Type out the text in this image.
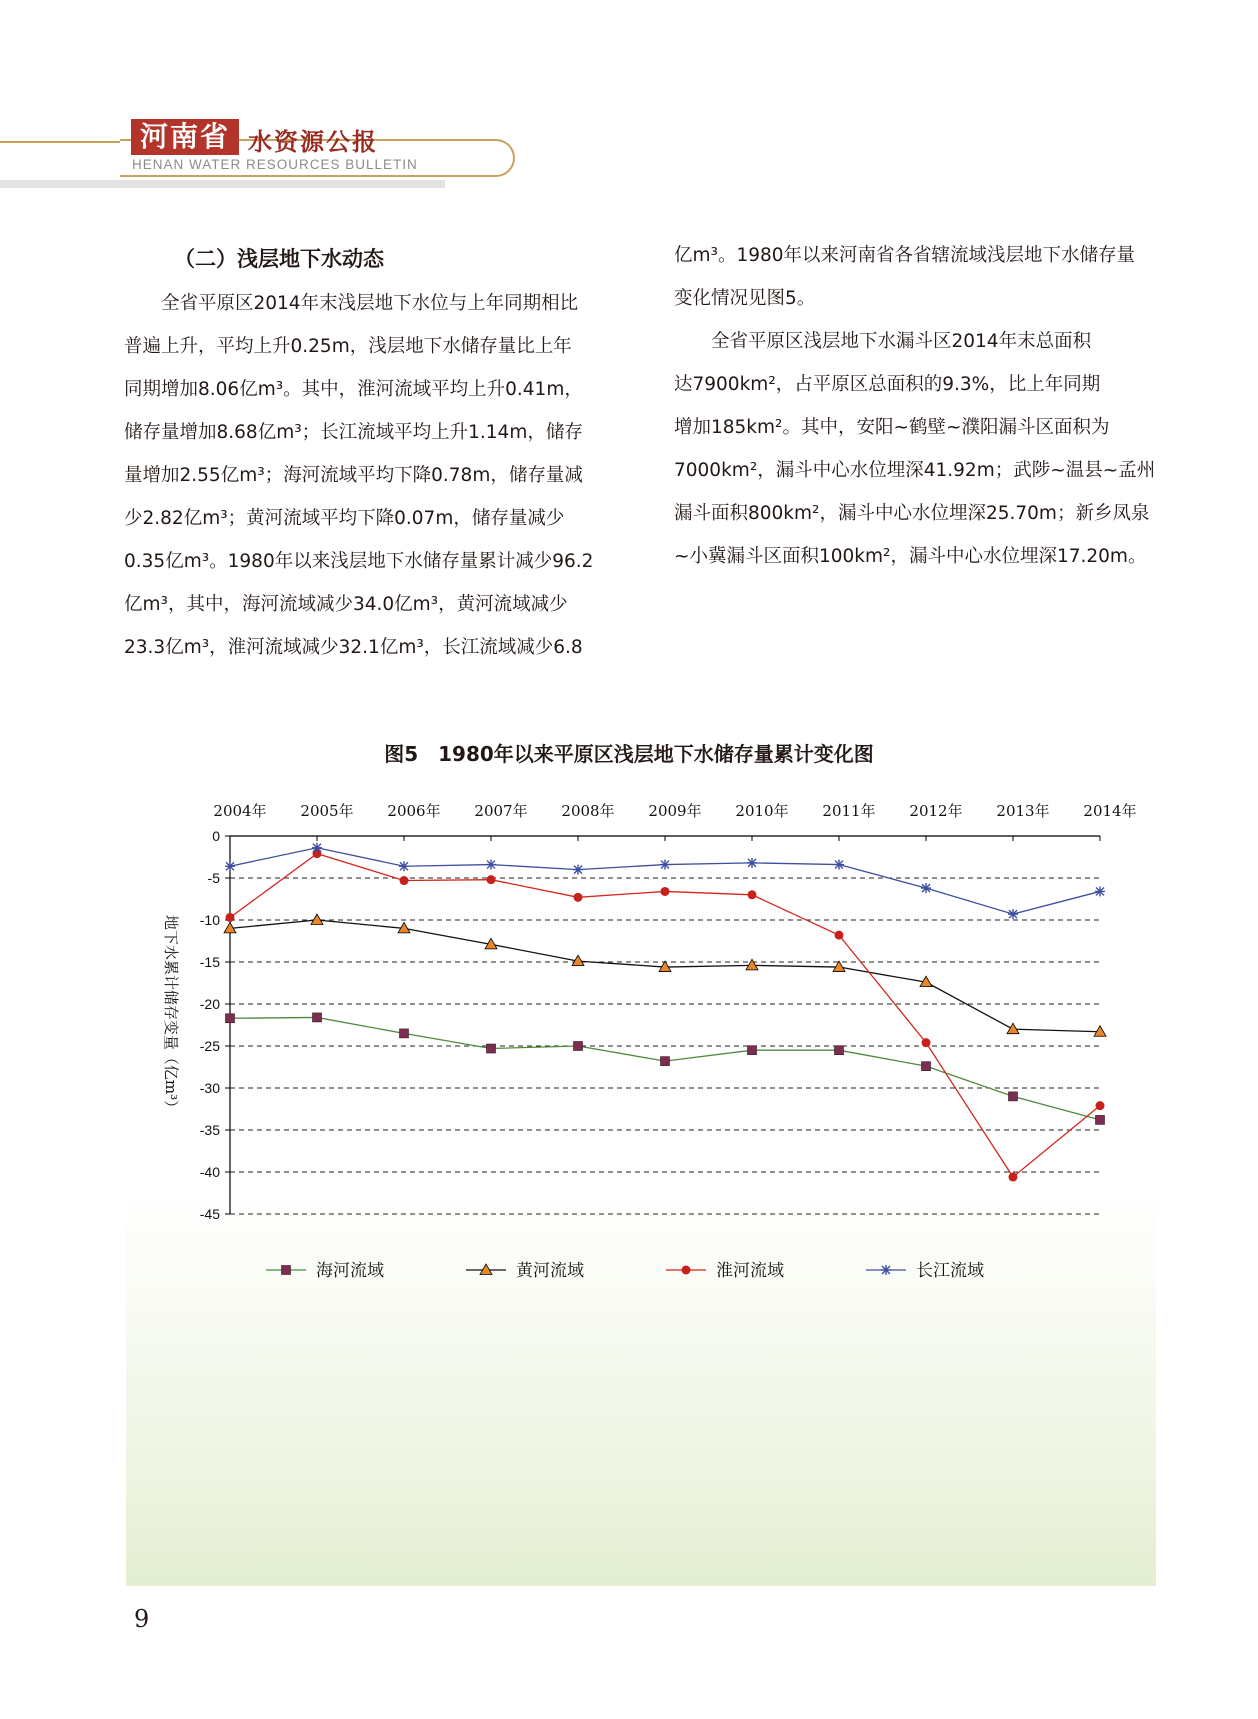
河南省 水资源公报
HENAN WATER RESOURCES BULLETIN
（二）浅层地下水动态
全省平原区2014年末浅层地下水位与上年同期相比
普遍上升，平均上升0.25m，浅层地下水储存量比上年
同期增加8.06亿m³。其中，淮河流域平均上升0.41m，
储存量增加8.68亿m³；长江流域平均上升1.14m，储存
量增加2.55亿m³；海河流域平均下降0.78m，储存量减
少2.82亿m³；黄河流域平均下降0.07m，储存量减少
0.35亿m³。1980年以来浅层地下水储存量累计减少96.2
亿m³，其中，海河流域减少34.0亿m³，黄河流域减少
23.3亿m³，淮河流域减少32.1亿m³，长江流域减少6.8
亿m³。1980年以来河南省各省辖流域浅层地下水储存量
变化情况见图5。
全省平原区浅层地下水漏斗区2014年末总面积
达7900km²，占平原区总面积的9.3%，比上年同期
增加185km²。其中，安阳~鹤壁~濮阳漏斗区面积为
7000km²，漏斗中心水位埋深41.92m；武陟~温县~孟州
漏斗面积800km²，漏斗中心水位埋深25.70m；新乡凤泉
~小冀漏斗区面积100km²，漏斗中心水位埋深17.20m。
图5　1980年以来平原区浅层地下水储存量累计变化图
0
-5
-10
-15
-20
-25
-30
-35
-40
-45
2004年 2005年 2006年 2007年 2008年 2009年 2010年 2011年 2012年 2013年 2014年
地下水累计储存变量（亿m³）
海河流域	黄河流域	淮河流域	长江流域
9
